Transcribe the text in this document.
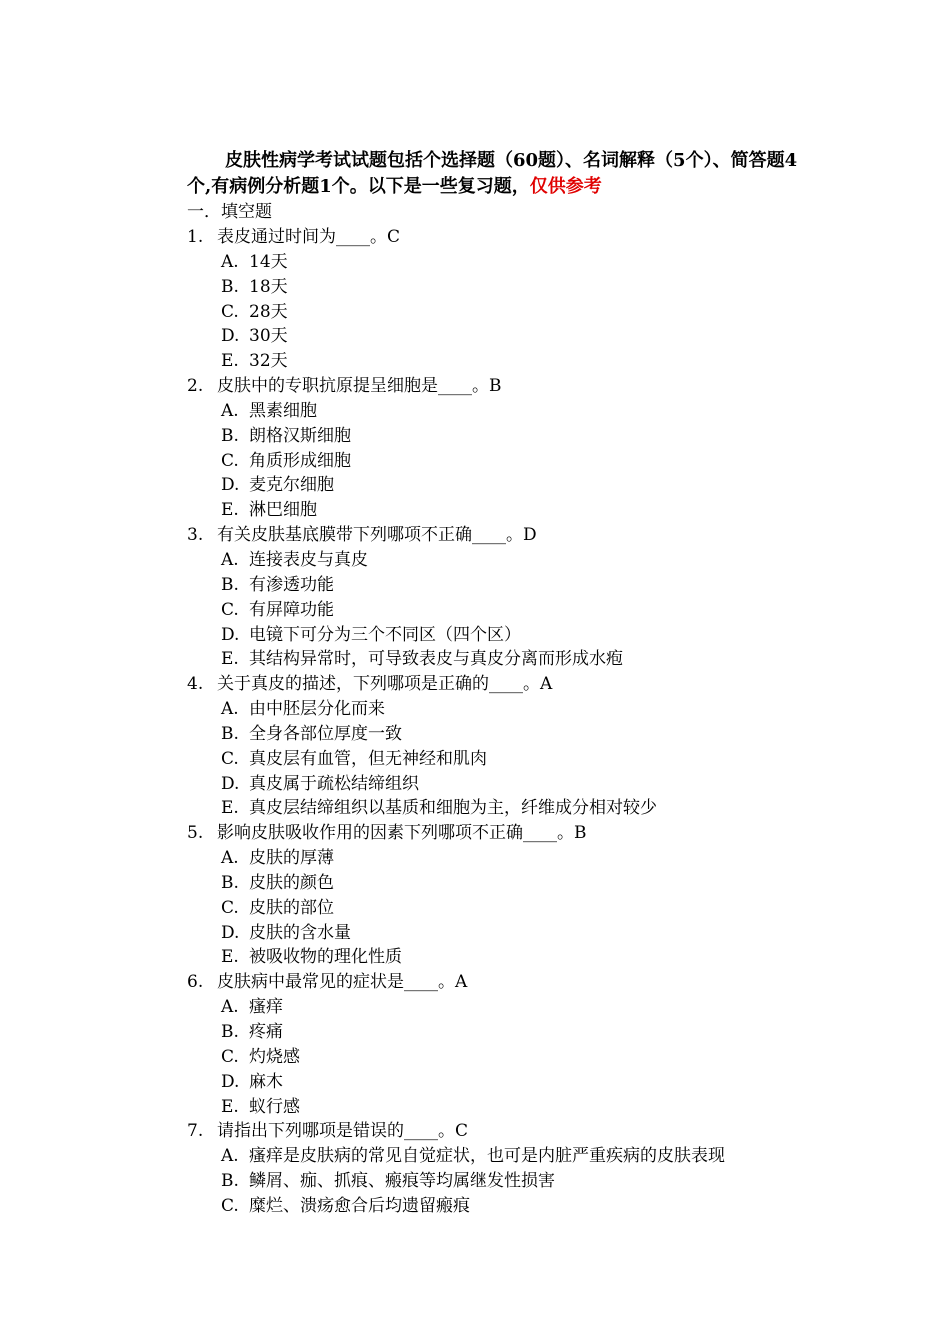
皮肤性病学考试试题包括个选择题（60题）、名词解释（5个）、简答题4个,有病例分析题1个。以下是一些复习题，仅供参考

一．填空题

1. 表皮通过时间为____。C
A. 14天
B. 18天
C. 28天
D. 30天
E. 32天
2. 皮肤中的专职抗原提呈细胞是____。B
A. 黑素细胞
B. 朗格汉斯细胞
C. 角质形成细胞
D. 麦克尔细胞
E. 淋巴细胞
3. 有关皮肤基底膜带下列哪项不正确____。D
A. 连接表皮与真皮
B. 有渗透功能
C. 有屏障功能
D. 电镜下可分为三个不同区（四个区）
E. 其结构异常时，可导致表皮与真皮分离而形成水疱
4. 关于真皮的描述，下列哪项是正确的____。A
A. 由中胚层分化而来
B. 全身各部位厚度一致
C. 真皮层有血管，但无神经和肌肉
D. 真皮属于疏松结缔组织
E. 真皮层结缔组织以基质和细胞为主，纤维成分相对较少
5. 影响皮肤吸收作用的因素下列哪项不正确____。B
A. 皮肤的厚薄
B. 皮肤的颜色
C. 皮肤的部位
D. 皮肤的含水量
E. 被吸收物的理化性质
6. 皮肤病中最常见的症状是____。A
A. 瘙痒
B. 疼痛
C. 灼烧感
D. 麻木
E. 蚁行感
7. 请指出下列哪项是错误的____。C
A. 瘙痒是皮肤病的常见自觉症状，也可是内脏严重疾病的皮肤表现
B. 鳞屑、痂、抓痕、瘢痕等均属继发性损害
C. 糜烂、溃疡愈合后均遗留瘢痕
